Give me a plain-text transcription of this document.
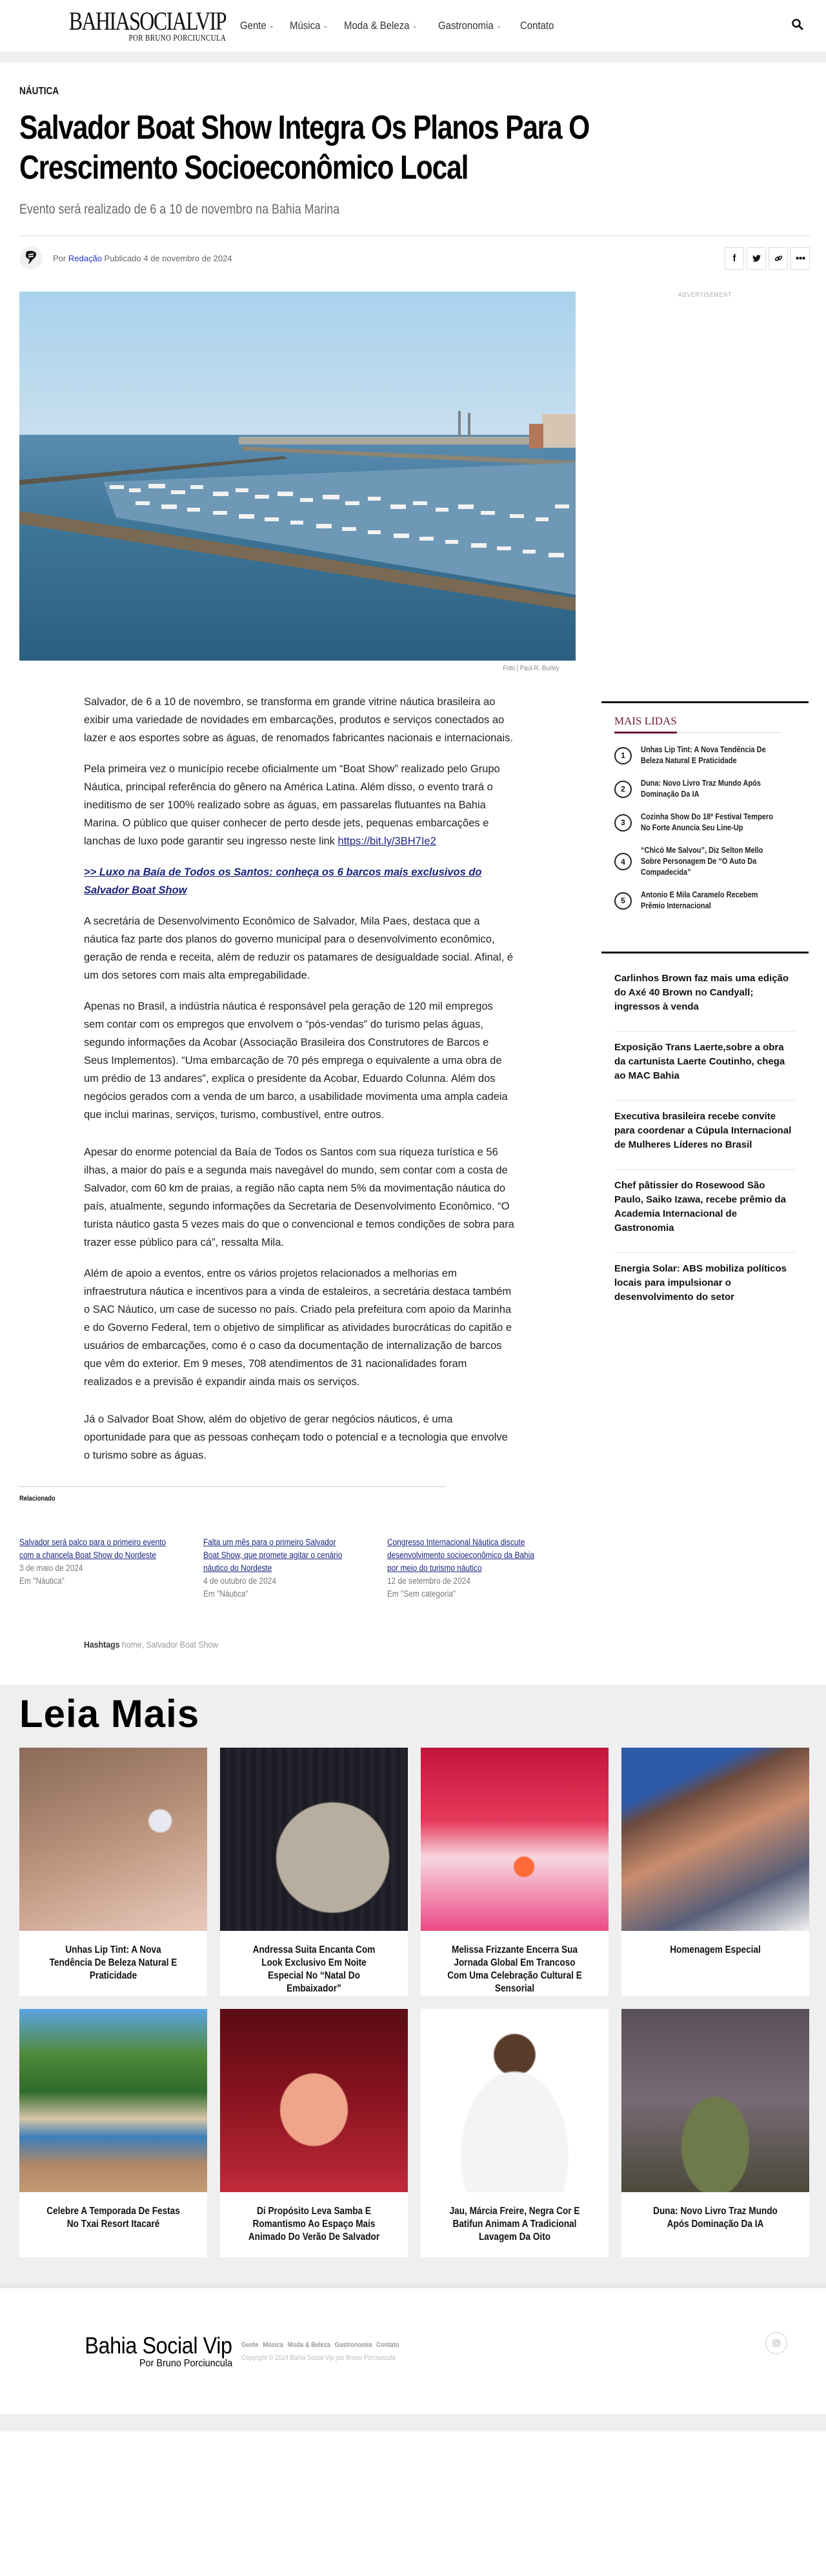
BAHIASOCIALVIP
POR BRUNO PORCIUNCULA
Gente ⌄ Música ⌄ Moda & Beleza ⌄ Gastronomia ⌄ Contato
NÁUTICA
Salvador Boat Show Integra Os Planos Para O Crescimento Socioeconômico Local
Evento será realizado de 6 a 10 de novembro na Bahia Marina
Por Redação Publicado 4 de novembro de 2024	f	●●●
Foto | Paul-R.-Burley

Salvador, de 6 a 10 de novembro, se transforma em grande vitrine náutica brasileira ao exibir uma variedade de novidades em embarcações, produtos e serviços conectados ao lazer e aos esportes sobre as águas, de renomados fabricantes nacionais e internacionais.

Pela primeira vez o município recebe oficialmente um “Boat Show” realizado pelo Grupo Náutica, principal referência do gênero na América Latina. Além disso, o evento trará o ineditismo de ser 100% realizado sobre as águas, em passarelas flutuantes na Bahia Marina. O público que quiser conhecer de perto desde jets, pequenas embarcações e lanchas de luxo pode garantir seu ingresso neste link https://bit.ly/3BH7Ie2

>> Luxo na Baía de Todos os Santos: conheça os 6 barcos mais exclusivos do Salvador Boat Show

A secretária de Desenvolvimento Econômico de Salvador, Mila Paes, destaca que a náutica faz parte dos planos do governo municipal para o desenvolvimento econômico, geração de renda e receita, além de reduzir os patamares de desigualdade social. Afinal, é um dos setores com mais alta empregabilidade.

Apenas no Brasil, a indústria náutica é responsável pela geração de 120 mil empregos sem contar com os empregos que envolvem o “pós-vendas” do turismo pelas águas, segundo informações da Acobar (Associação Brasileira dos Construtores de Barcos e Seus Implementos). “Uma embarcação de 70 pés emprega o equivalente a uma obra de um prédio de 13 andares”, explica o presidente da Acobar, Eduardo Colunna. Além dos negócios gerados com a venda de um barco, a usabilidade movimenta uma ampla cadeia que inclui marinas, serviços, turismo, combustível, entre outros.

Apesar do enorme potencial da Baía de Todos os Santos com sua riqueza turística e 56 ilhas, a maior do país e a segunda mais navegável do mundo, sem contar com a costa de Salvador, com 60 km de praias, a região não capta nem 5% da movimentação náutica do país, atualmente, segundo informações da Secretaria de Desenvolvimento Econômico. “O turista náutico gasta 5 vezes mais do que o convencional e temos condições de sobra para trazer esse público para cá”, ressalta Mila.

Além de apoio a eventos, entre os vários projetos relacionados a melhorias em infraestrutura náutica e incentivos para a vinda de estaleiros, a secretária destaca também o SAC Náutico, um case de sucesso no país. Criado pela prefeitura com apoio da Marinha e do Governo Federal, tem o objetivo de simplificar as atividades burocráticas do capitão e usuários de embarcações, como é o caso da documentação de internalização de barcos que vêm do exterior. Em 9 meses, 708 atendimentos de 31 nacionalidades foram realizados e a previsão é expandir ainda mais os serviços.

Já o Salvador Boat Show, além do objetivo de gerar negócios náuticos, é uma oportunidade para que as pessoas conheçam todo o potencial e a tecnologia que envolve o turismo sobre as águas.

ADVERTISEMENT
MAIS LIDAS
1
Unhas Lip Tint: A Nova Tendência De Beleza Natural E Praticidade
2
Duna: Novo Livro Traz Mundo Após Dominação Da IA
3
Cozinha Show Do 18º Festival Tempero No Forte Anuncia Seu Line-Up
4
“Chicó Me Salvou”, Diz Selton Mello Sobre Personagem De “O Auto Da Compadecida”
5
Antonio E Mila Caramelo Recebem Prêmio Internacional
Carlinhos Brown faz mais uma edição do Axé 40 Brown no Candyall; ingressos à venda
Exposição Trans Laerte,sobre a obra da cartunista Laerte Coutinho, chega ao MAC Bahia
Executiva brasileira recebe convite para coordenar a Cúpula Internacional de Mulheres Líderes no Brasil
Chef pâtissier do Rosewood São Paulo, Saiko Izawa, recebe prêmio da Academia Internacional de Gastronomia
Energia Solar: ABS mobiliza políticos locais para impulsionar o desenvolvimento do setor
Relacionado
Salvador será palco para o primeiro evento com a chancela Boat Show do Nordeste
3 de maio de 2024
Em "Náutica"
Falta um mês para o primeiro Salvador Boat Show, que promete agitar o cenário náutico do Nordeste
4 de outubro de 2024
Em "Náutica"
Congresso Internacional Náutica discute desenvolvimento socioeconômico da Bahia por meio do turismo náutico
12 de setembro de 2024
Em "Sem categoria"
Hashtags home, Salvador Boat Show
Leia Mais
Unhas Lip Tint: A Nova Tendência De Beleza Natural E Praticidade
Andressa Suita Encanta Com Look Exclusivo Em Noite Especial No “Natal Do Embaixador”
Melissa Frizzante Encerra Sua Jornada Global Em Trancoso Com Uma Celebração Cultural E Sensorial
Homenagem Especial
Celebre A Temporada De Festas No Txai Resort Itacaré
Di Propósito Leva Samba E Romantismo Ao Espaço Mais Animado Do Verão De Salvador
Jau, Márcia Freire, Negra Cor E Batifun Animam A Tradicional Lavagem Da Oito
Duna: Novo Livro Traz Mundo Após Dominação Da IA
Bahia Social Vip
Por Bruno Porciuncula
Gente Música Moda & Beleza Gastronomia Contato
Copyright © 2024 Bahia Social Vip por Bruno Porciuncula
